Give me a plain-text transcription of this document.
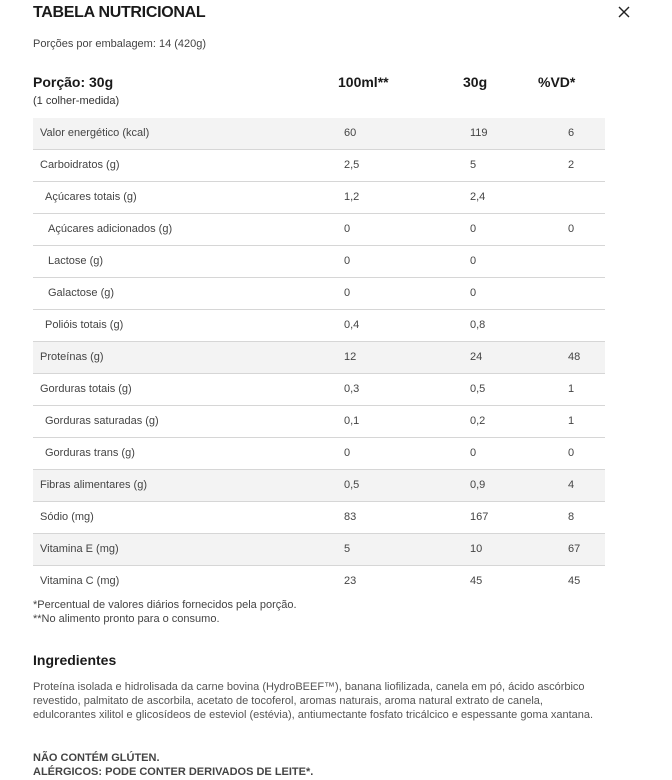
TABELA NUTRICIONAL
Porções por embalagem: 14 (420g)
Porção: 30g	100ml**	30g	%VD*
(1 colher-medida)
Valor energético (kcal)	60	119	6
Carboidratos (g)	2,5	5	2
Açúcares totais (g)	1,2	2,4
Açúcares adicionados (g)	0	0	0
Lactose (g)	0	0
Galactose (g)	0	0
Polióis totais (g)	0,4	0,8
Proteínas (g)	12	24	48
Gorduras totais (g)	0,3	0,5	1
Gorduras saturadas (g)	0,1	0,2	1
Gorduras trans (g)	0	0	0
Fibras alimentares (g)	0,5	0,9	4
Sódio (mg)	83	167	8
Vitamina E (mg)	5	10	67
Vitamina C (mg)	23	45	45
*Percentual de valores diários fornecidos pela porção.
**No alimento pronto para o consumo.
Ingredientes
Proteína isolada e hidrolisada da carne bovina (HydroBEEF™), banana liofilizada, canela em pó, ácido ascórbico revestido, palmitato de ascorbila, acetato de tocoferol, aromas naturais, aroma natural extrato de canela, edulcorantes xilitol e glicosídeos de esteviol (estévia), antiumectante fosfato tricálcico e espessante goma xantana.
NÃO CONTÉM GLÚTEN.
ALÉRGICOS: PODE CONTER DERIVADOS DE LEITE*.
